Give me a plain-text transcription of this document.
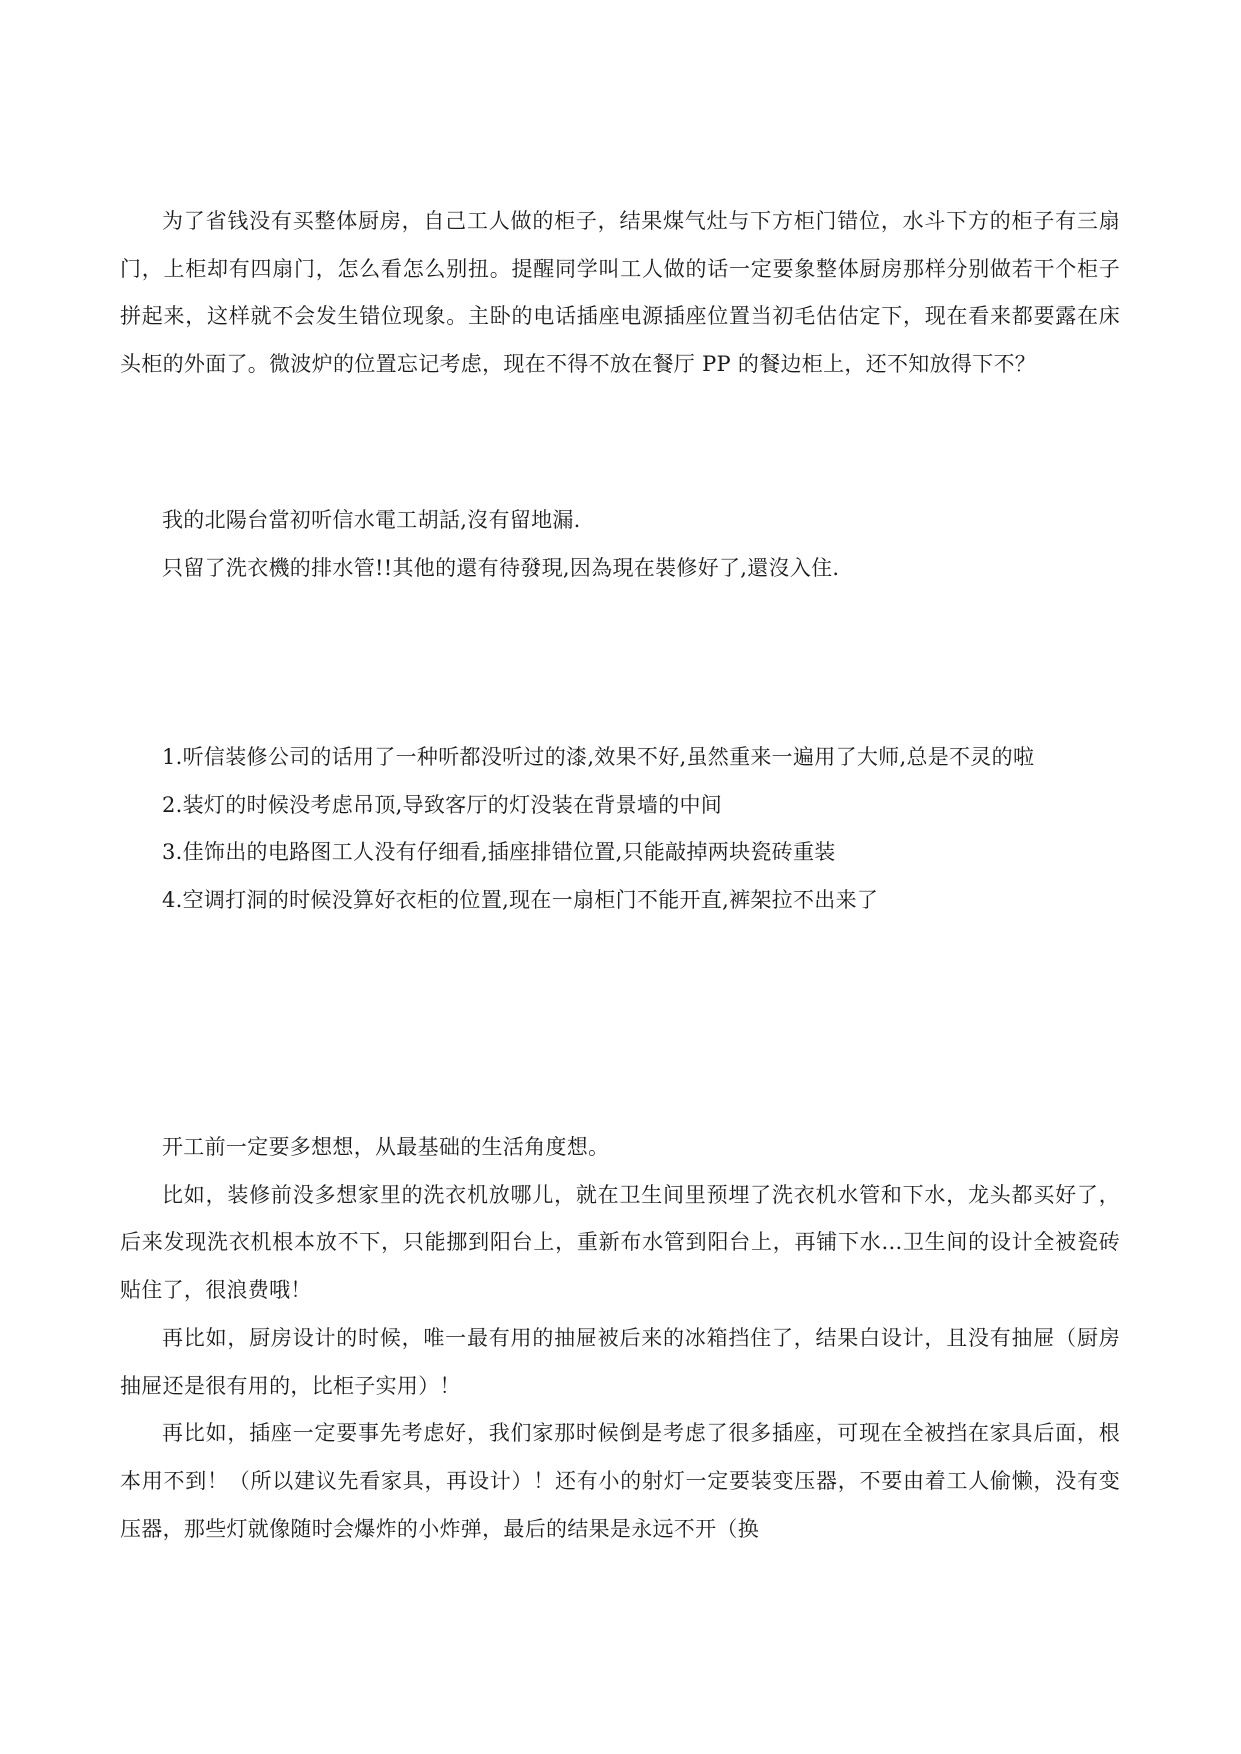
为了省钱没有买整体厨房，自己工人做的柜子，结果煤气灶与下方柜门错位，水斗下方的柜子有三扇门，上柜却有四扇门，怎么看怎么别扭。提醒同学叫工人做的话一定要象整体厨房那样分别做若干个柜子拼起来，这样就不会发生错位现象。主卧的电话插座电源插座位置当初毛估估定下，现在看来都要露在床头柜的外面了。微波炉的位置忘记考虑，现在不得不放在餐厅 PP 的餐边柜上，还不知放得下不？

我的北陽台當初听信水電工胡話,沒有留地漏.

只留了洗衣機的排水管!!其他的還有待發現,因為現在裝修好了,還沒入住.

1.听信装修公司的话用了一种听都没听过的漆,效果不好,虽然重来一遍用了大师,总是不灵的啦

2.装灯的时候没考虑吊顶,导致客厅的灯没装在背景墙的中间

3.佳饰出的电路图工人没有仔细看,插座排错位置,只能敲掉两块瓷砖重装

4.空调打洞的时候没算好衣柜的位置,现在一扇柜门不能开直,裤架拉不出来了

开工前一定要多想想，从最基础的生活角度想。

比如，装修前没多想家里的洗衣机放哪儿，就在卫生间里预埋了洗衣机水管和下水，龙头都买好了，后来发现洗衣机根本放不下，只能挪到阳台上，重新布水管到阳台上，再铺下水...卫生间的设计全被瓷砖贴住了，很浪费哦！

再比如，厨房设计的时候，唯一最有用的抽屉被后来的冰箱挡住了，结果白设计，且没有抽屉（厨房抽屉还是很有用的，比柜子实用）！

再比如，插座一定要事先考虑好，我们家那时候倒是考虑了很多插座，可现在全被挡在家具后面，根本用不到！（所以建议先看家具，再设计）！还有小的射灯一定要装变压器，不要由着工人偷懒，没有变压器，那些灯就像随时会爆炸的小炸弹，最后的结果是永远不开（换
